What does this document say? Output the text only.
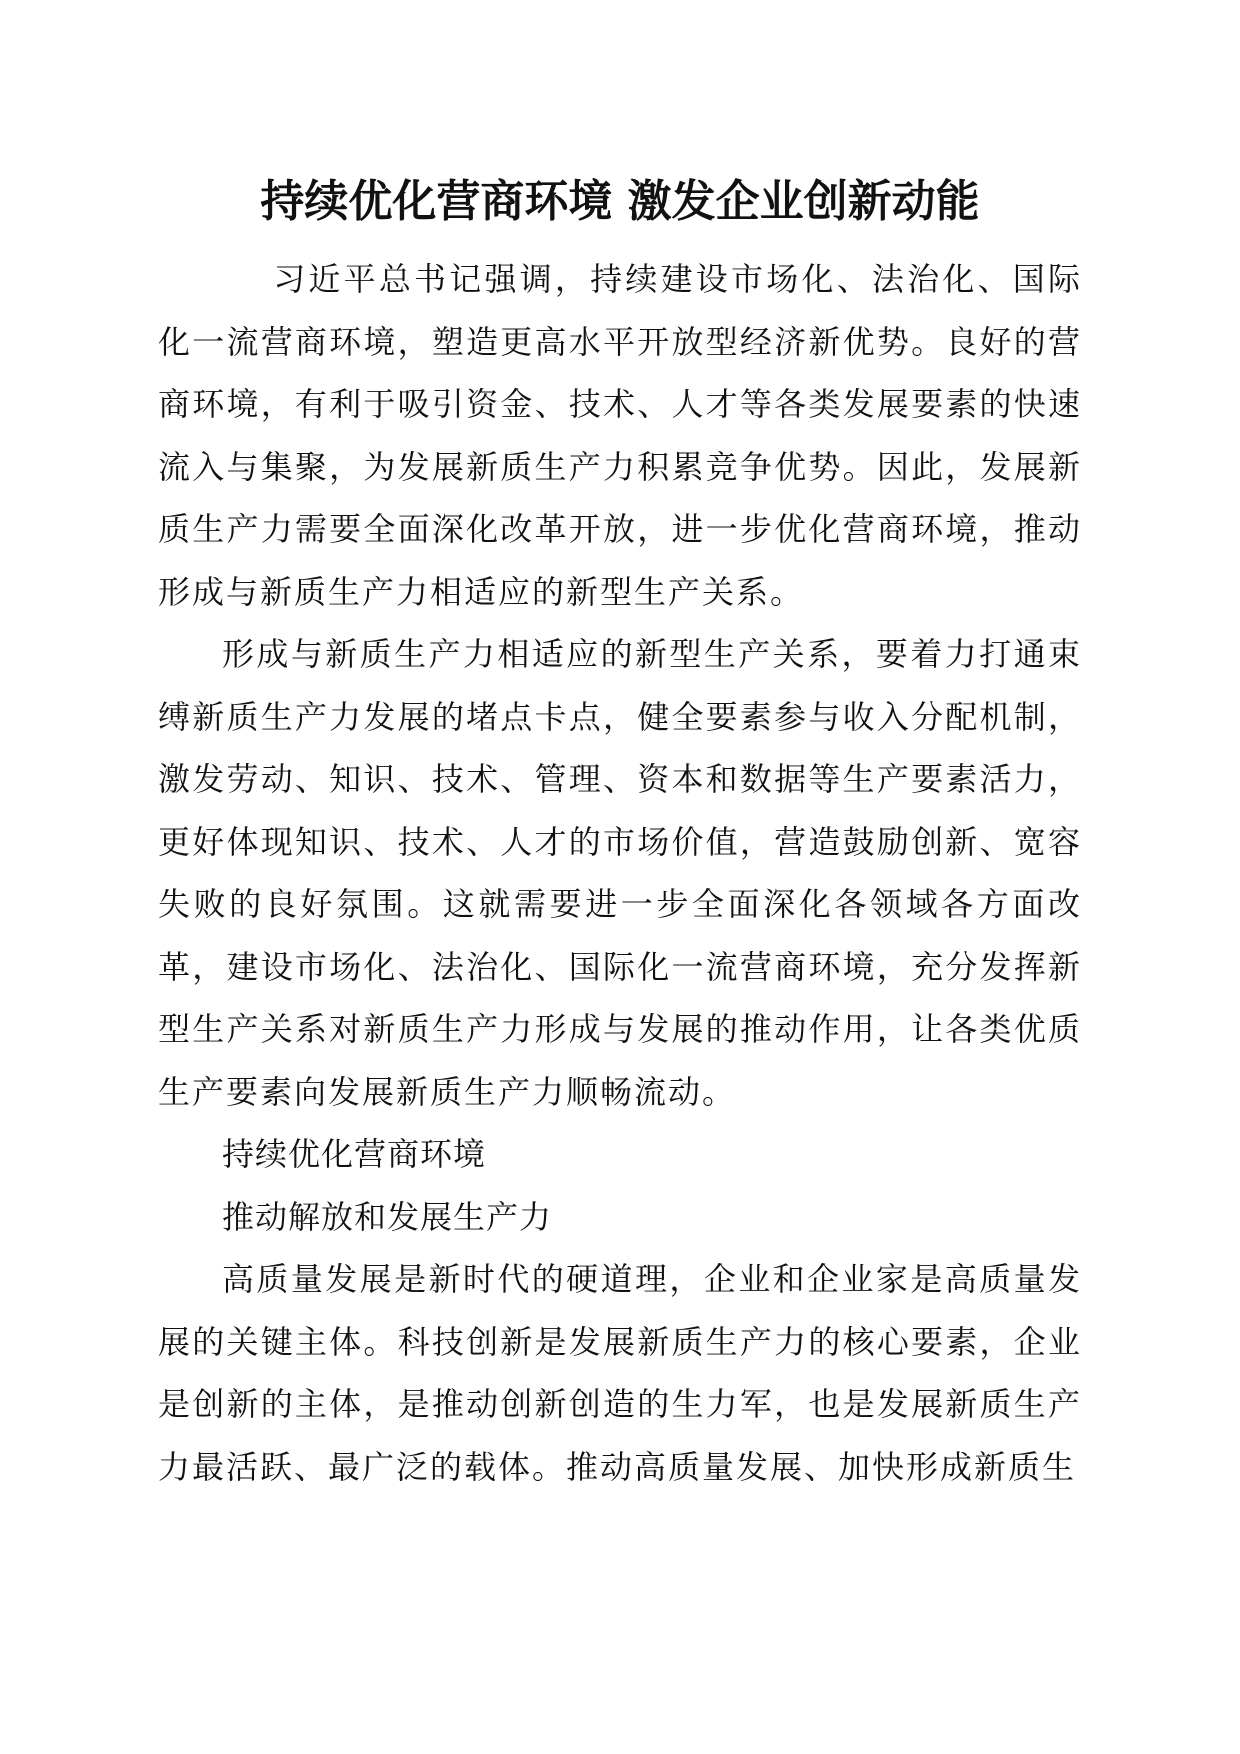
持续优化营商环境 激发企业创新动能

习近平总书记强调，持续建设市场化、法治化、国际化一流营商环境，塑造更高水平开放型经济新优势。良好的营商环境，有利于吸引资金、技术、人才等各类发展要素的快速流入与集聚，为发展新质生产力积累竞争优势。因此，发展新质生产力需要全面深化改革开放，进一步优化营商环境，推动形成与新质生产力相适应的新型生产关系。

形成与新质生产力相适应的新型生产关系，要着力打通束缚新质生产力发展的堵点卡点，健全要素参与收入分配机制，激发劳动、知识、技术、管理、资本和数据等生产要素活力，更好体现知识、技术、人才的市场价值，营造鼓励创新、宽容失败的良好氛围。这就需要进一步全面深化各领域各方面改革，建设市场化、法治化、国际化一流营商环境，充分发挥新型生产关系对新质生产力形成与发展的推动作用，让各类优质生产要素向发展新质生产力顺畅流动。

持续优化营商环境

推动解放和发展生产力

高质量发展是新时代的硬道理，企业和企业家是高质量发展的关键主体。科技创新是发展新质生产力的核心要素，企业是创新的主体，是推动创新创造的生力军，也是发展新质生产力最活跃、最广泛的载体。推动高质量发展、加快形成新质生
